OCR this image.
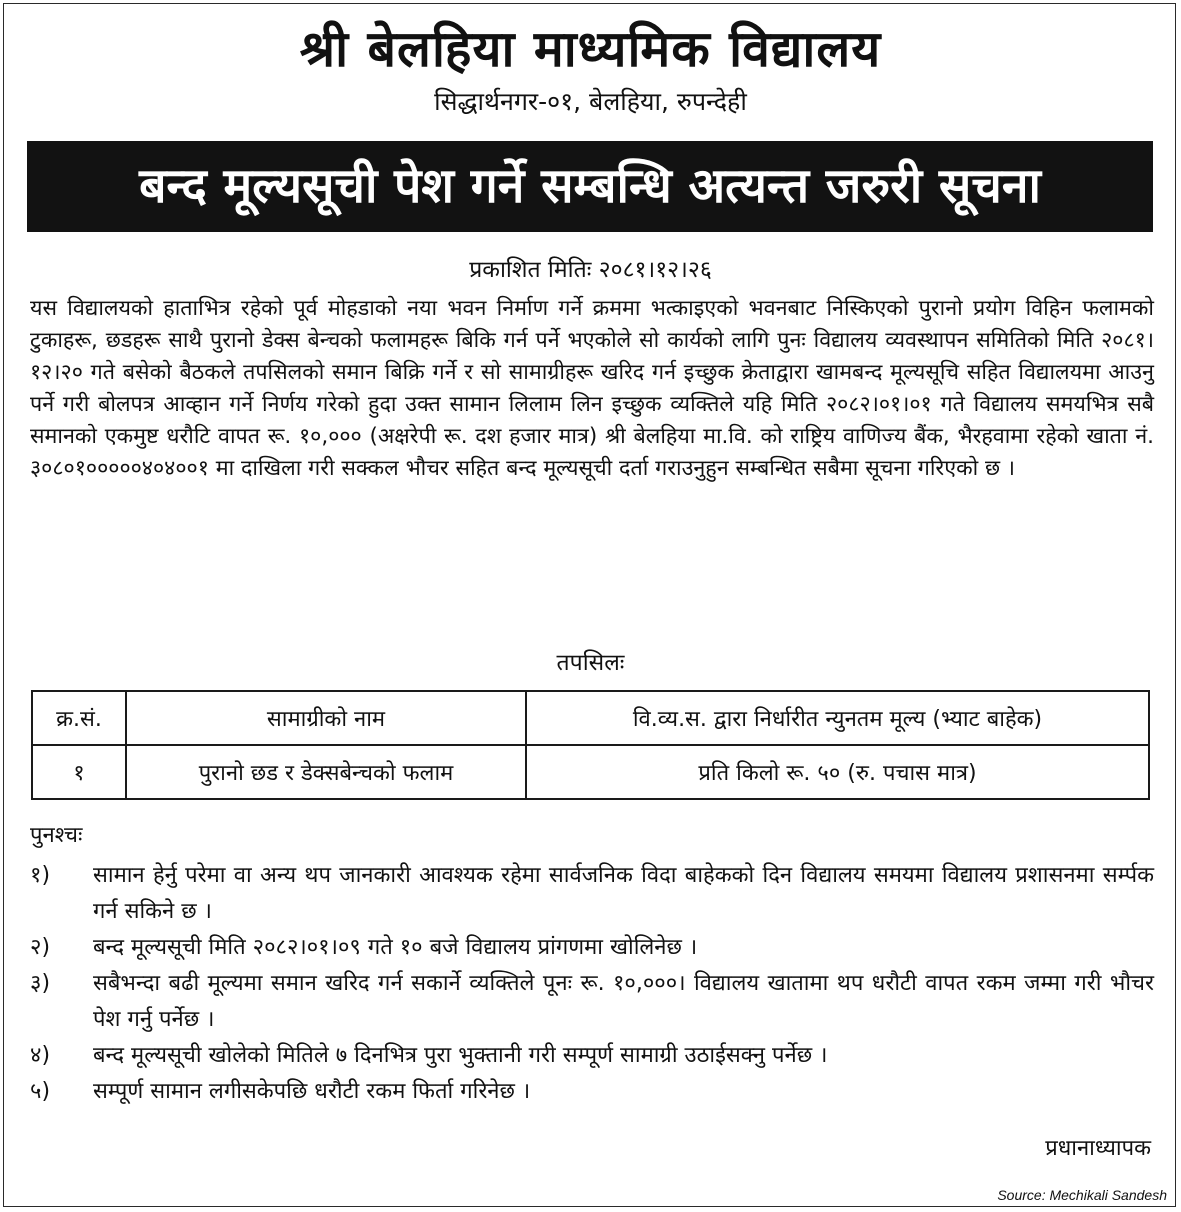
श्री बेलहिया माध्यमिक विद्यालय
सिद्धार्थनगर-०१, बेलहिया, रुपन्देही
बन्द मूल्यसूची पेश गर्ने सम्बन्धि अत्यन्त जरुरी सूचना
प्रकाशित मितिः २०८१।१२।२६

यस विद्यालयको हाताभित्र रहेको पूर्व मोहडाको नया भवन निर्माण गर्ने क्रममा भत्काइएको भवनबाट निस्किएको पुरानो प्रयोग विहिन फलामको टुकाहरू, छडहरू साथै पुरानो डेक्स बेन्चको फलामहरू बिकि गर्न पर्ने भएकोले सो कार्यको लागि पुनः विद्यालय व्यवस्थापन समितिको मिति २०८१।१२।२० गते बसेको बैठकले तपसिलको समान बिक्रि गर्ने र सो सामाग्रीहरू खरिद गर्न इच्छुक क्रेताद्वारा खामबन्द मूल्यसूचि सहित विद्यालयमा आउनु पर्ने गरी बोलपत्र आव्हान गर्ने निर्णय गरेको हुदा उक्त सामान लिलाम लिन इच्छुक व्यक्तिले यहि मिति २०८२।०१।०१ गते विद्यालय समयभित्र सबै समानको एकमुष्ट धरौटि वापत रू. १०,००० (अक्षरेपी रू. दश हजार मात्र) श्री बेलहिया मा.वि. को राष्ट्रिय वाणिज्य बैंक, भैरहवामा रहेको खाता नं. ३०८०१०००००४०४००१ मा दाखिला गरी सक्कल भौचर सहित बन्द मूल्यसूची दर्ता गराउनुहुन सम्बन्धित सबैमा सूचना गरिएको छ ।

तपसिलः
क्र.सं.	सामाग्रीको नाम	वि.व्य.स. द्वारा निर्धारीत न्युनतम मूल्य (भ्याट बाहेक)
१	पुरानो छड र डेक्सबेन्चको फलाम	प्रति किलो रू. ५० (रु. पचास मात्र)
पुनश्चः
१) सामान हेर्नु परेमा वा अन्य थप जानकारी आवश्यक रहेमा सार्वजनिक विदा बाहेकको दिन विद्यालय समयमा विद्यालय प्रशासनमा सर्म्पक गर्न सकिने छ ।
२) बन्द मूल्यसूची मिति २०८२।०१।०९ गते १० बजे विद्यालय प्रांगणमा खोलिनेछ ।
३) सबैभन्दा बढी मूल्यमा समान खरिद गर्न सकार्ने व्यक्तिले पूनः रू. १०,०००। विद्यालय खातामा थप धरौटी वापत रकम जम्मा गरी भौचर पेश गर्नु पर्नेछ ।
४) बन्द मूल्यसूची खोलेको मितिले ७ दिनभित्र पुरा भुक्तानी गरी सम्पूर्ण सामाग्री उठाईसक्नु पर्नेछ ।
५) सम्पूर्ण सामान लगीसकेपछि धरौटी रकम फिर्ता गरिनेछ ।
प्रधानाध्यापक
Source: Mechikali Sandesh
